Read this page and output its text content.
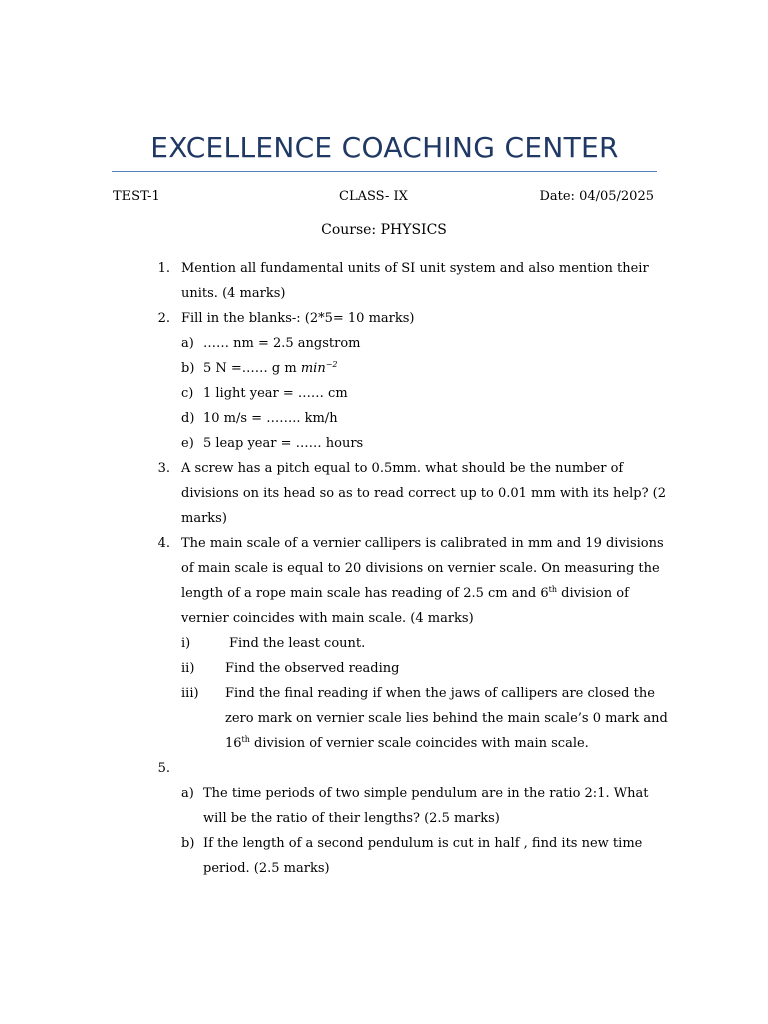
EXCELLENCE COACHING CENTER
TEST-1	CLASS- IX	Date: 04/05/2025
Course: PHYSICS
1. Mention all fundamental units of SI unit system and also mention their
units. (4 marks)
2. Fill in the blanks-: (2*5= 10 marks)
a) …… nm = 2.5 angstrom
b) 5 N =…… g m $\min^{-2}$
c) 1 light year = …… cm
d) 10 m/s = …….. km/h
e) 5 leap year = …… hours
3. A screw has a pitch equal to 0.5mm. what should be the number of
divisions on its head so as to read correct up to 0.01 mm with its help? (2
marks)
4. The main scale of a vernier callipers is calibrated in mm and 19 divisions
of main scale is equal to 20 divisions on vernier scale. On measuring the
length of a rope main scale has reading of 2.5 cm and 6th division of
vernier coincides with main scale. (4 marks)
i)	Find the least count.
ii) Find the observed reading
iii) Find the final reading if when the jaws of callipers are closed the
zero mark on vernier scale lies behind the main scale’s 0 mark and
16th division of vernier scale coincides with main scale.
5.
a) The time periods of two simple pendulum are in the ratio 2:1. What
will be the ratio of their lengths? (2.5 marks)
b) If the length of a second pendulum is cut in half , find its new time
period. (2.5 marks)
